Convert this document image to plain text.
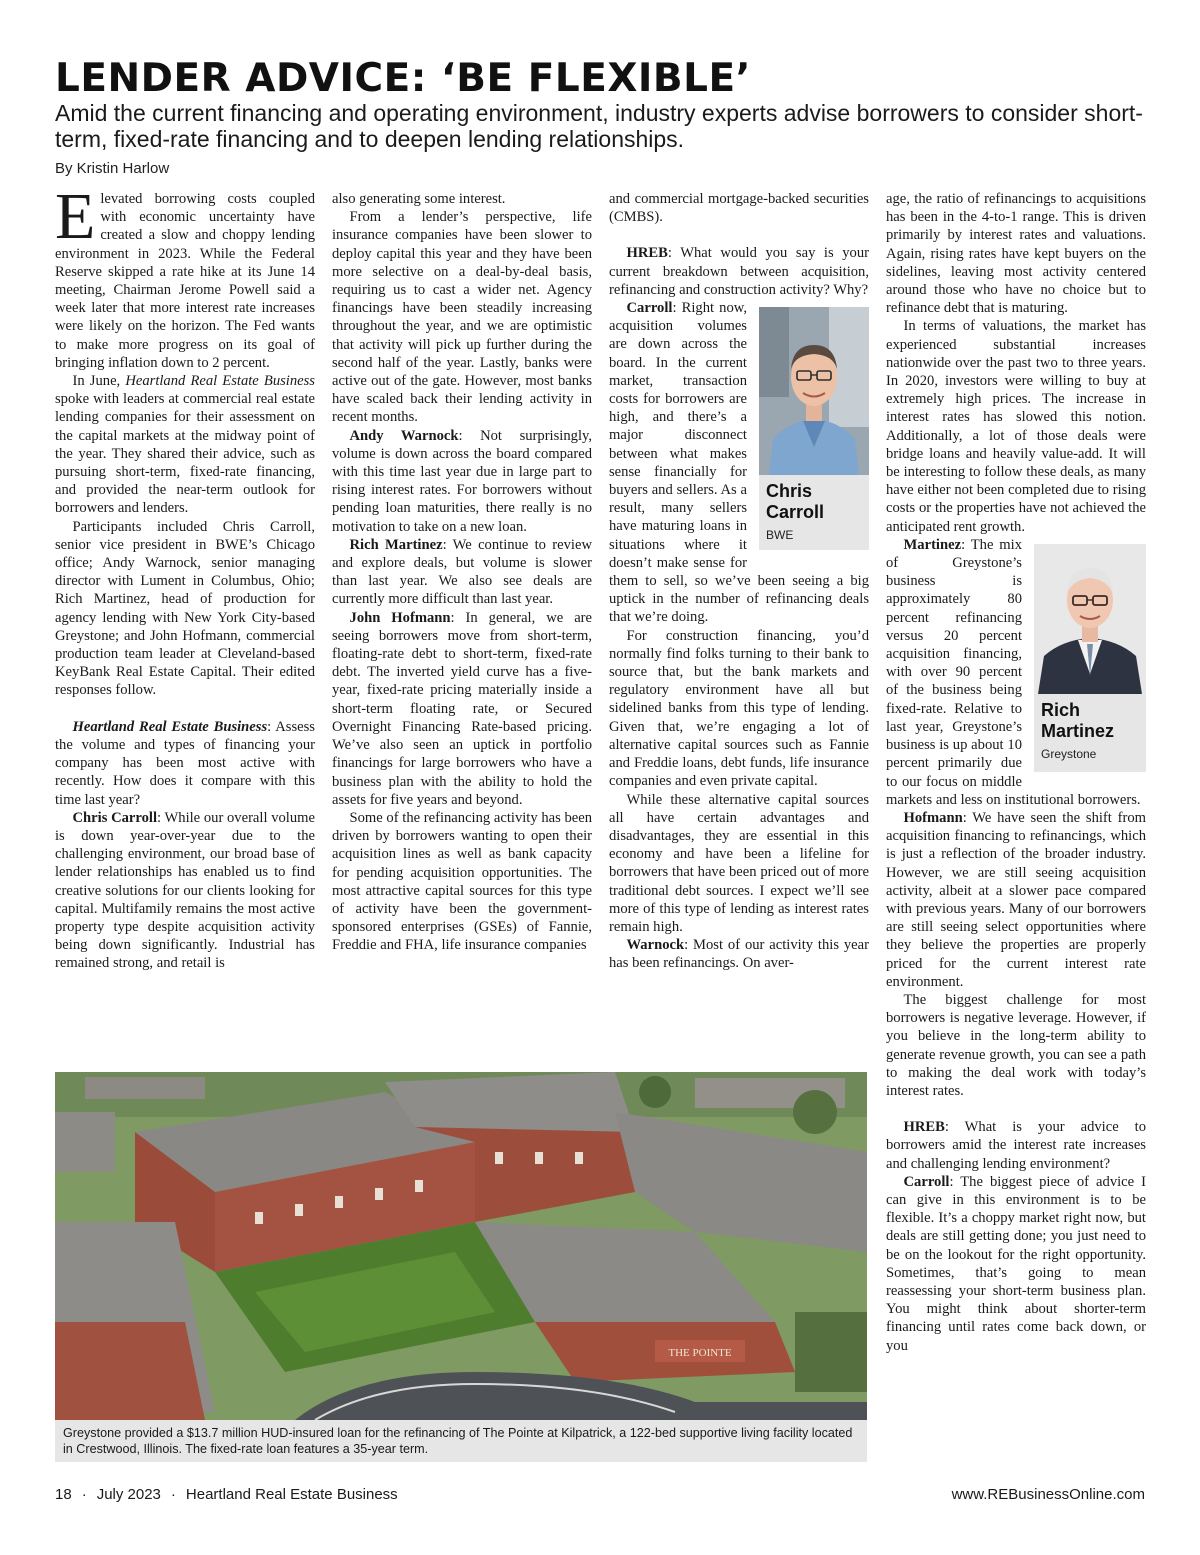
LENDER ADVICE: ‘BE FLEXIBLE’

Amid the current financing and operating environment, industry experts advise borrowers to consider short-term, fixed-rate financing and to deepen lending relationships.

By Kristin Harlow

Elevated borrowing costs coupled with economic uncertainty have created a slow and choppy lending environment in 2023. While the Federal Reserve skipped a rate hike at its June 14 meeting, Chairman Jerome Powell said a week later that more interest rate increases were likely on the horizon. The Fed wants to make more progress on its goal of bringing inflation down to 2 percent.

In June, Heartland Real Estate Business spoke with leaders at commercial real estate lending companies for their assessment on the capital markets at the midway point of the year. They shared their advice, such as pursuing short-term, fixed-rate financing, and provided the near-term outlook for borrowers and lenders.

Participants included Chris Carroll, senior vice president in BWE’s Chicago office; Andy Warnock, senior managing director with Lument in Columbus, Ohio; Rich Martinez, head of production for agency lending with New York City-based Greystone; and John Hofmann, commercial production team leader at Cleveland-based KeyBank Real Estate Capital. Their edited responses follow.

Heartland Real Estate Business: Assess the volume and types of financing your company has been most active with recently. How does it compare with this time last year?

Chris Carroll: While our overall volume is down year-over-year due to the challenging environment, our broad base of lender relationships has enabled us to find creative solutions for our clients looking for capital. Multifamily remains the most active property type despite acquisition activity being down significantly. Industrial has remained strong, and retail is

also generating some interest.

From a lender’s perspective, life insurance companies have been slower to deploy capital this year and they have been more selective on a deal-by-deal basis, requiring us to cast a wider net. Agency financings have been steadily increasing throughout the year, and we are optimistic that activity will pick up further during the second half of the year. Lastly, banks were active out of the gate. However, most banks have scaled back their lending activity in recent months.

Andy Warnock: Not surprisingly, volume is down across the board compared with this time last year due in large part to rising interest rates. For borrowers without pending loan maturities, there really is no motivation to take on a new loan.

Rich Martinez: We continue to review and explore deals, but volume is slower than last year. We also see deals are currently more difficult than last year.

John Hofmann: In general, we are seeing borrowers move from short-term, floating-rate debt to short-term, fixed-rate debt. The inverted yield curve has a five-year, fixed-rate pricing materially inside a short-term floating rate, or Secured Overnight Financing Rate-based pricing. We’ve also seen an uptick in portfolio financings for large borrowers who have a business plan with the ability to hold the assets for five years and beyond.

Some of the refinancing activity has been driven by borrowers wanting to open their acquisition lines as well as bank capacity for pending acquisition opportunities. The most attractive capital sources for this type of activity have been the government-sponsored enterprises (GSEs) of Fannie, Freddie and FHA, life insurance companies

and commercial mortgage-backed securities (CMBS).

HREB: What would you say is your current breakdown between acquisition, refinancing and construction activity? Why?

Chris
Carroll
BWE

Carroll: Right now, acquisition volumes are down across the board. In the current market, transaction costs for borrowers are high, and there’s a major disconnect between what makes sense financially for buyers and sellers. As a result, many sellers have maturing loans in situations where it doesn’t make sense for them to sell, so we’ve been seeing a big uptick in the number of refinancing deals that we’re doing.

For construction financing, you’d normally find folks turning to their bank to source that, but the bank markets and regulatory environment have all but sidelined banks from this type of lending. Given that, we’re engaging a lot of alternative capital sources such as Fannie and Freddie loans, debt funds, life insurance companies and even private capital.

While these alternative capital sources all have certain advantages and disadvantages, they are essential in this economy and have been a lifeline for borrowers that have been priced out of more traditional debt sources. I expect we’ll see more of this type of lending as interest rates remain high.

Warnock: Most of our activity this year has been refinancings. On aver-

age, the ratio of refinancings to acquisitions has been in the 4-to-1 range. This is driven primarily by interest rates and valuations. Again, rising rates have kept buyers on the sidelines, leaving most activity centered around those who have no choice but to refinance debt that is maturing.

In terms of valuations, the market has experienced substantial increases nationwide over the past two to three years. In 2020, investors were willing to buy at extremely high prices. The increase in interest rates has slowed this notion. Additionally, a lot of those deals were bridge loans and heavily value-add. It will be interesting to follow these deals, as many have either not been completed due to rising costs or the properties have not achieved the anticipated rent growth.

Rich
Martinez
Greystone

Martinez: The mix of Greystone’s business is approximately 80 percent refinancing versus 20 percent acquisition financing, with over 90 percent of the business being fixed-rate. Relative to last year, Greystone’s business is up about 10 percent primarily due to our focus on middle markets and less on institutional borrowers.

Hofmann: We have seen the shift from acquisition financing to refinancings, which is just a reflection of the broader industry. However, we are still seeing acquisition activity, albeit at a slower pace compared with previous years. Many of our borrowers are still seeing select opportunities where they believe the properties are properly priced for the current interest rate environment.

The biggest challenge for most borrowers is negative leverage. However, if you believe in the long-term ability to generate revenue growth, you can see a path to making the deal work with today’s interest rates.

HREB: What is your advice to borrowers amid the interest rate increases and challenging lending environment?

Carroll: The biggest piece of advice I can give in this environment is to be flexible. It’s a choppy market right now, but deals are still getting done; you just need to be on the lookout for the right opportunity. Sometimes, that’s going to mean reassessing your short-term business plan. You might think about shorter-term financing until rates come back down, or you

THE POINTE
Greystone provided a $13.7 million HUD-insured loan for the refinancing of The Pointe at Kilpatrick, a 122-bed supportive living facility located in Crestwood, Illinois. The fixed-rate loan features a 35-year term.
18 · July 2023 · Heartland Real Estate Business	www.REBusinessOnline.com
